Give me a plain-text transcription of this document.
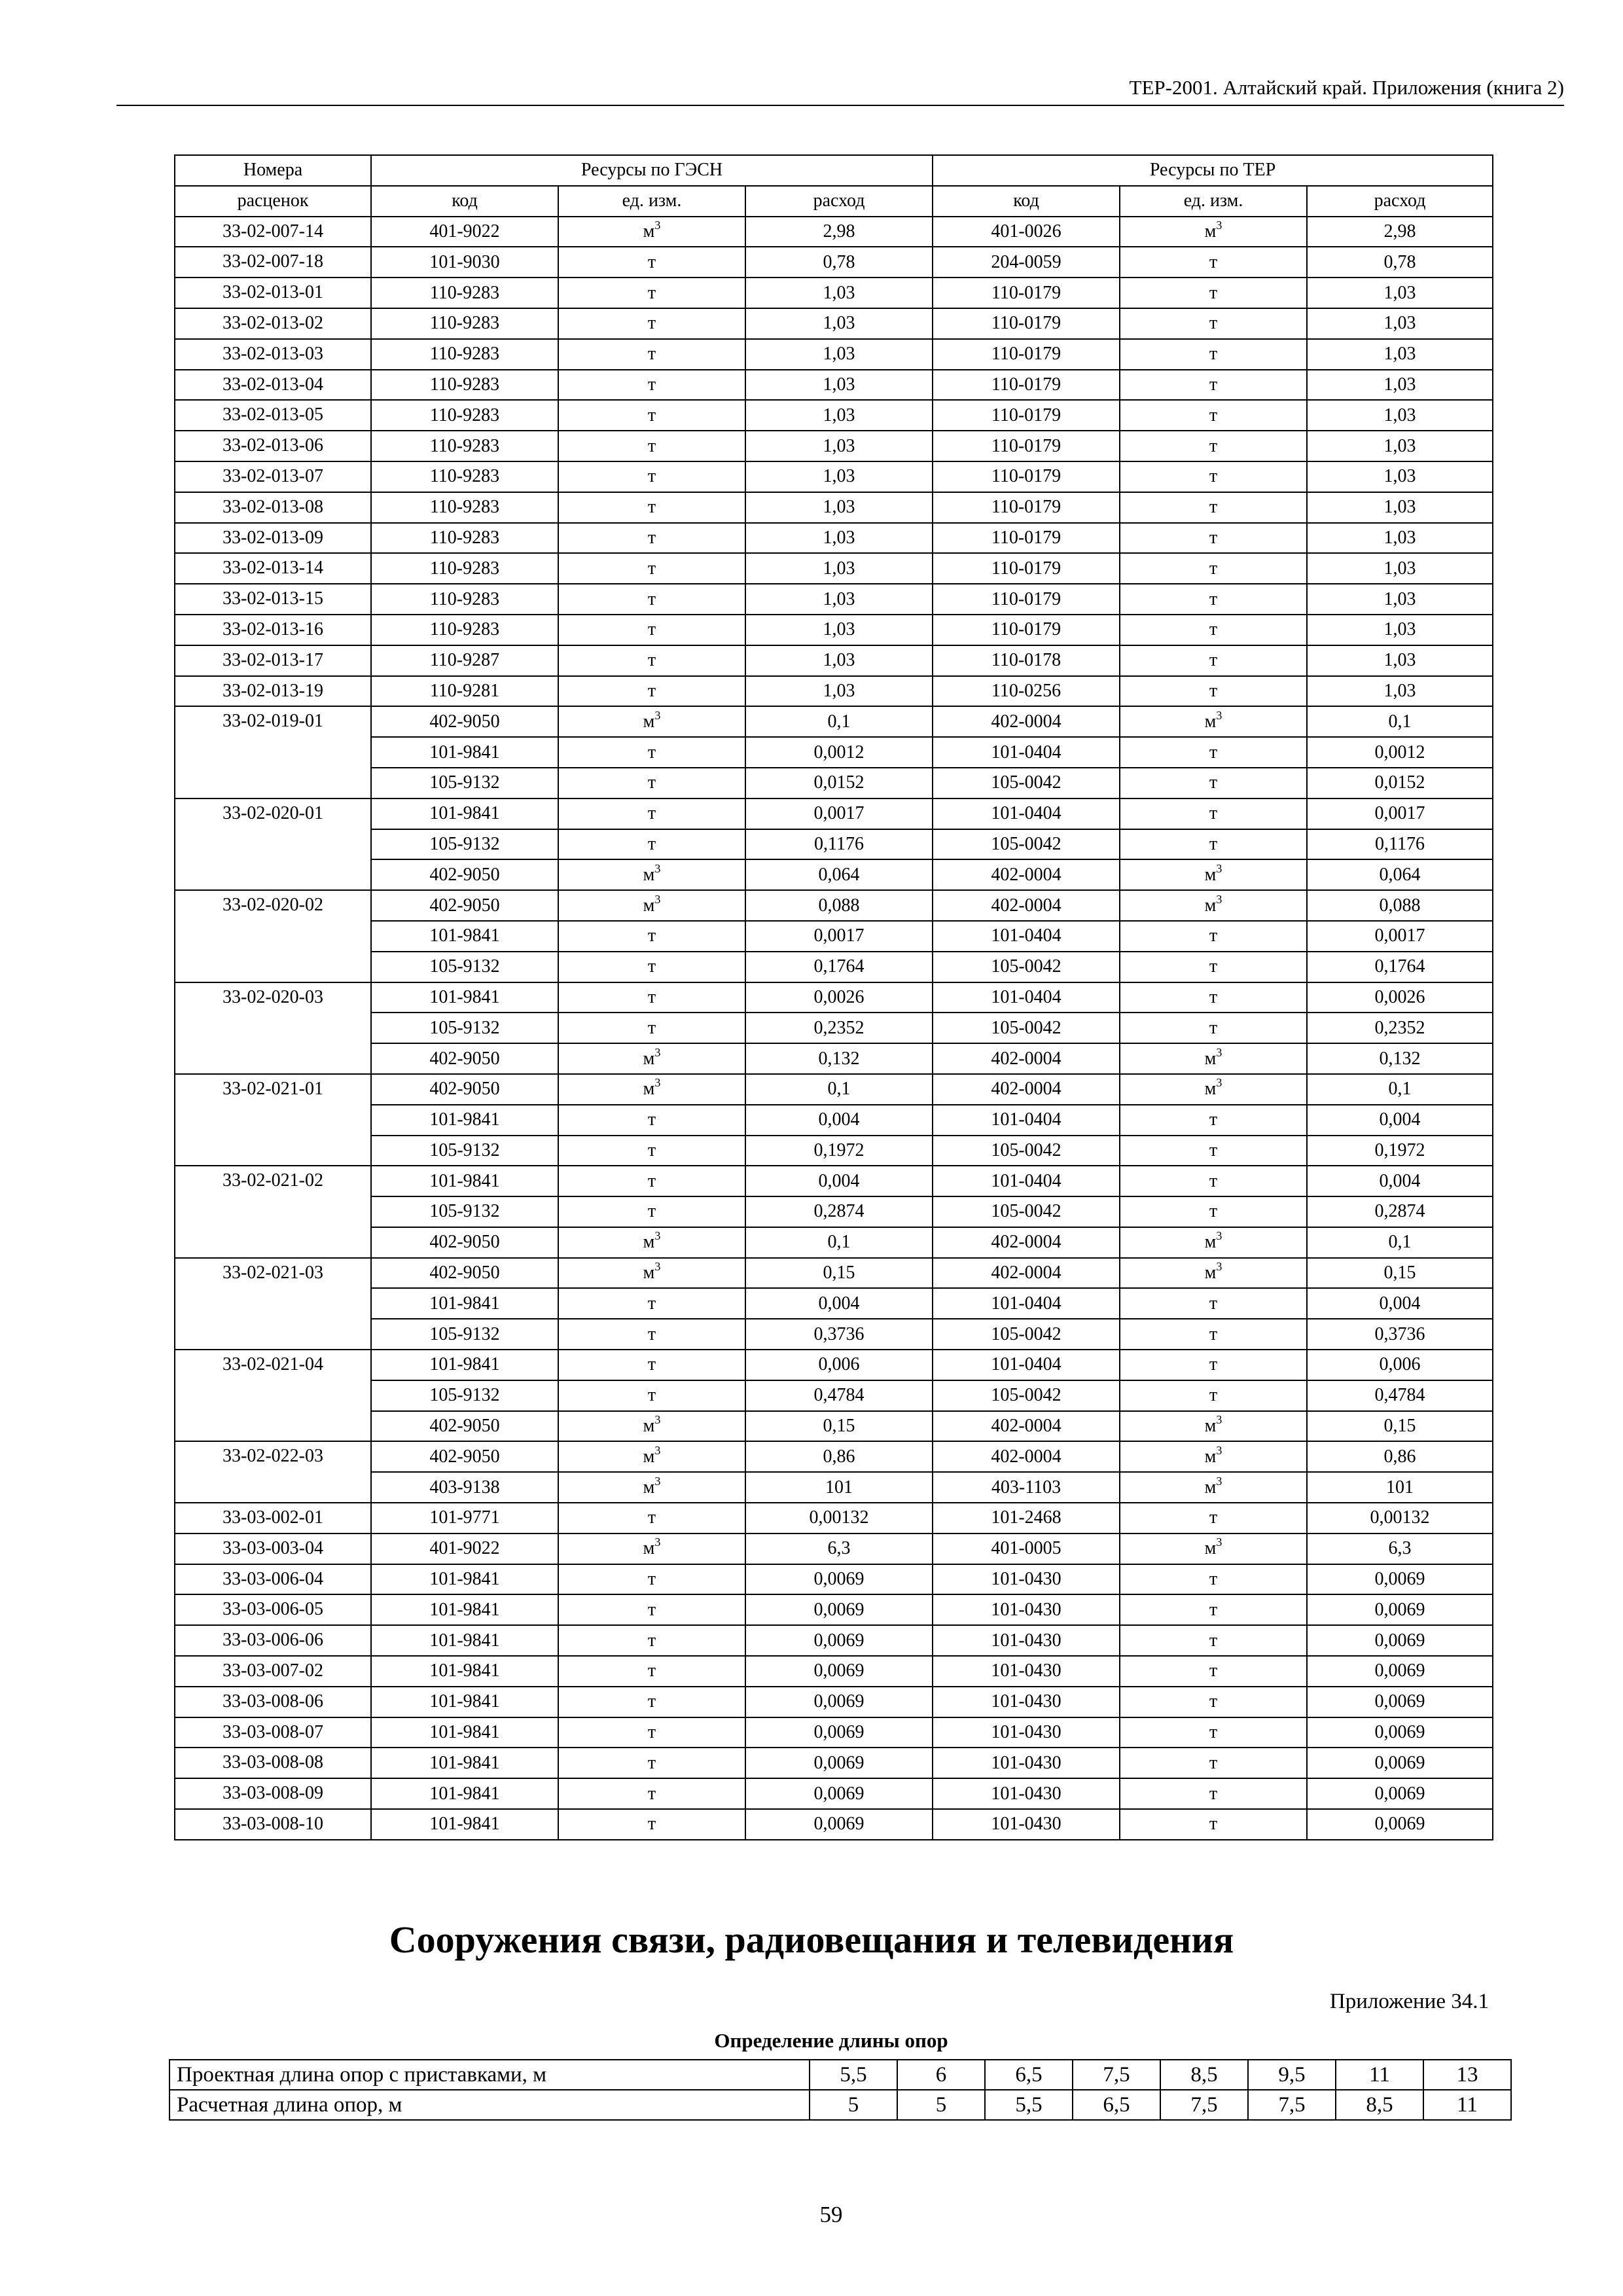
ТЕР-2001. Алтайский край. Приложения (книга 2)
Номера	Ресурсы по ГЭСН			Ресурсы по ТЕР		
расценок	код	ед. изм.	расход	код	ед. изм.	расход
33-02-007-14	401-9022	$м^3$	2,98	401-0026	$м^3$	2,98
33-02-007-18	101-9030	т	0,78	204-0059	т	0,78
33-02-013-01	110-9283	т	1,03	110-0179	т	1,03
33-02-013-02	110-9283	т	1,03	110-0179	т	1,03
33-02-013-03	110-9283	т	1,03	110-0179	т	1,03
33-02-013-04	110-9283	т	1,03	110-0179	т	1,03
33-02-013-05	110-9283	т	1,03	110-0179	т	1,03
33-02-013-06	110-9283	т	1,03	110-0179	т	1,03
33-02-013-07	110-9283	т	1,03	110-0179	т	1,03
33-02-013-08	110-9283	т	1,03	110-0179	т	1,03
33-02-013-09	110-9283	т	1,03	110-0179	т	1,03
33-02-013-14	110-9283	т	1,03	110-0179	т	1,03
33-02-013-15	110-9283	т	1,03	110-0179	т	1,03
33-02-013-16	110-9283	т	1,03	110-0179	т	1,03
33-02-013-17	110-9287	т	1,03	110-0178	т	1,03
33-02-013-19	110-9281	т	1,03	110-0256	т	1,03
33-02-019-01	402-9050	$м^3$	0,1	402-0004	$м^3$	0,1
	101-9841	т	0,0012	101-0404	т	0,0012
	105-9132	т	0,0152	105-0042	т	0,0152
33-02-020-01	101-9841	т	0,0017	101-0404	т	0,0017
	105-9132	т	0,1176	105-0042	т	0,1176
	402-9050	$м^3$	0,064	402-0004	$м^3$	0,064
33-02-020-02	402-9050	$м^3$	0,088	402-0004	$м^3$	0,088
	101-9841	т	0,0017	101-0404	т	0,0017
	105-9132	т	0,1764	105-0042	т	0,1764
33-02-020-03	101-9841	т	0,0026	101-0404	т	0,0026
	105-9132	т	0,2352	105-0042	т	0,2352
	402-9050	$м^3$	0,132	402-0004	$м^3$	0,132
33-02-021-01	402-9050	$м^3$	0,1	402-0004	$м^3$	0,1
	101-9841	т	0,004	101-0404	т	0,004
	105-9132	т	0,1972	105-0042	т	0,1972
33-02-021-02	101-9841	т	0,004	101-0404	т	0,004
	105-9132	т	0,2874	105-0042	т	0,2874
	402-9050	$м^3$	0,1	402-0004	$м^3$	0,1
33-02-021-03	402-9050	$м^3$	0,15	402-0004	$м^3$	0,15
	101-9841	т	0,004	101-0404	т	0,004
	105-9132	т	0,3736	105-0042	т	0,3736
33-02-021-04	101-9841	т	0,006	101-0404	т	0,006
	105-9132	т	0,4784	105-0042	т	0,4784
	402-9050	$м^3$	0,15	402-0004	$м^3$	0,15
33-02-022-03	402-9050	$м^3$	0,86	402-0004	$м^3$	0,86
	403-9138	$м^3$	101	403-1103	$м^3$	101
33-03-002-01	101-9771	т	0,00132	101-2468	т	0,00132
33-03-003-04	401-9022	$м^3$	6,3	401-0005	$м^3$	6,3
33-03-006-04	101-9841	т	0,0069	101-0430	т	0,0069
33-03-006-05	101-9841	т	0,0069	101-0430	т	0,0069
33-03-006-06	101-9841	т	0,0069	101-0430	т	0,0069
33-03-007-02	101-9841	т	0,0069	101-0430	т	0,0069
33-03-008-06	101-9841	т	0,0069	101-0430	т	0,0069
33-03-008-07	101-9841	т	0,0069	101-0430	т	0,0069
33-03-008-08	101-9841	т	0,0069	101-0430	т	0,0069
33-03-008-09	101-9841	т	0,0069	101-0430	т	0,0069
33-03-008-10	101-9841	т	0,0069	101-0430	т	0,0069
Сооружения связи, радиовещания и телевидения
Приложение 34.1
Определение длины опор
Проектная длина опор с приставками, м	5,5	6	6,5	7,5	8,5	9,5	11	13
Расчетная длина опор, м	5	5	5,5	6,5	7,5	7,5	8,5	11
59
